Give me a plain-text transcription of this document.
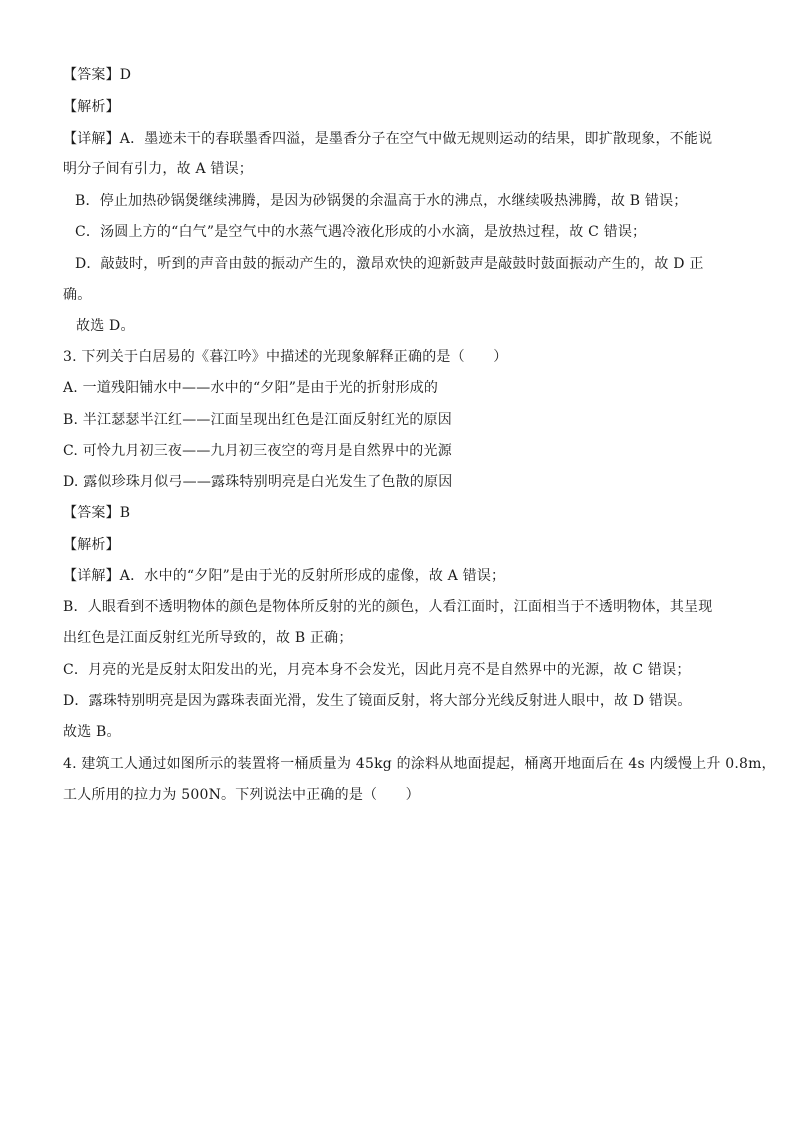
【答案】D
【解析】
【详解】A．墨迹未干的春联墨香四溢，是墨香分子在空气中做无规则运动的结果，即扩散现象，不能说
明分子间有引力，故 A 错误；
B．停止加热砂锅煲继续沸腾，是因为砂锅煲的余温高于水的沸点，水继续吸热沸腾，故 B 错误；
C．汤圆上方的“白气”是空气中的水蒸气遇冷液化形成的小水滴，是放热过程，故 C 错误；
D．敲鼓时，听到的声音由鼓的振动产生的，激昂欢快的迎新鼓声是敲鼓时鼓面振动产生的，故 D 正
确。
故选 D。
3. 下列关于白居易的《暮江吟》中描述的光现象解释正确的是（　　）
A. 一道残阳铺水中——水中的“夕阳”是由于光的折射形成的
B. 半江瑟瑟半江红——江面呈现出红色是江面反射红光的原因
C. 可怜九月初三夜——九月初三夜空的弯月是自然界中的光源
D. 露似珍珠月似弓——露珠特别明亮是白光发生了色散的原因
【答案】B
【解析】
【详解】A．水中的“夕阳”是由于光的反射所形成的虚像，故 A 错误；
B．人眼看到不透明物体的颜色是物体所反射的光的颜色，人看江面时，江面相当于不透明物体，其呈现
出红色是江面反射红光所导致的，故 B 正确；
C．月亮的光是反射太阳发出的光，月亮本身不会发光，因此月亮不是自然界中的光源，故 C 错误；
D．露珠特别明亮是因为露珠表面光滑，发生了镜面反射，将大部分光线反射进人眼中，故 D 错误。
故选 B。
4. 建筑工人通过如图所示的装置将一桶质量为 45kg 的涂料从地面提起，桶离开地面后在 4s 内缓慢上升 0.8m，
工人所用的拉力为 500N。下列说法中正确的是（　　）
